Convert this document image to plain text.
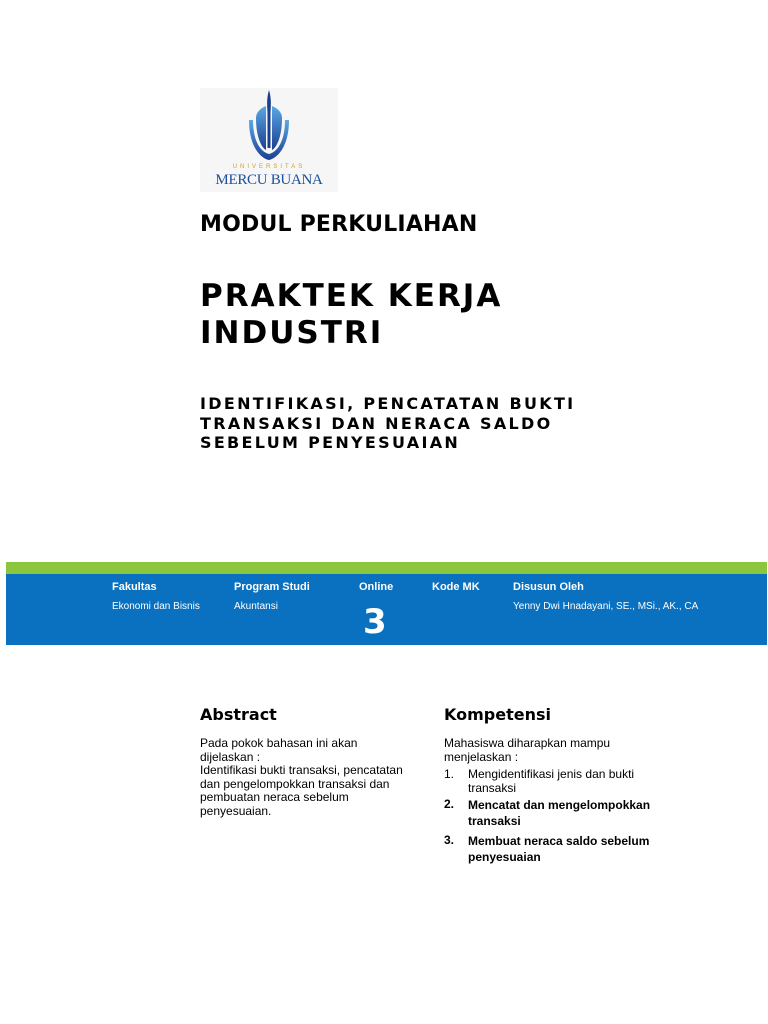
UNIVERSITAS
MERCU BUANA
MODUL PERKULIAHAN
PRAKTEK KERJA INDUSTRI
IDENTIFIKASI, PENCATATAN BUKTI TRANSAKSI DAN NERACA SALDO SEBELUM PENYESUAIAN
Fakultas
Ekonomi dan Bisnis
Program Studi
Akuntansi
Online
3
Kode MK	Disusun Oleh
Yenny Dwi Hnadayani, SE., MSi., AK., CA
Abstract
Pada pokok bahasan ini akan
dijelaskan :
Identifikasi bukti transaksi, pencatatan
dan pengelompokkan transaksi dan
pembuatan neraca sebelum
penyesuaian.
Kompetensi
Mahasiswa diharapkan mampu
menjelaskan :
1. Mengidentifikasi jenis dan bukti transaksi
2. Mencatat dan mengelompokkan transaksi
3. Membuat neraca saldo sebelum penyesuaian
